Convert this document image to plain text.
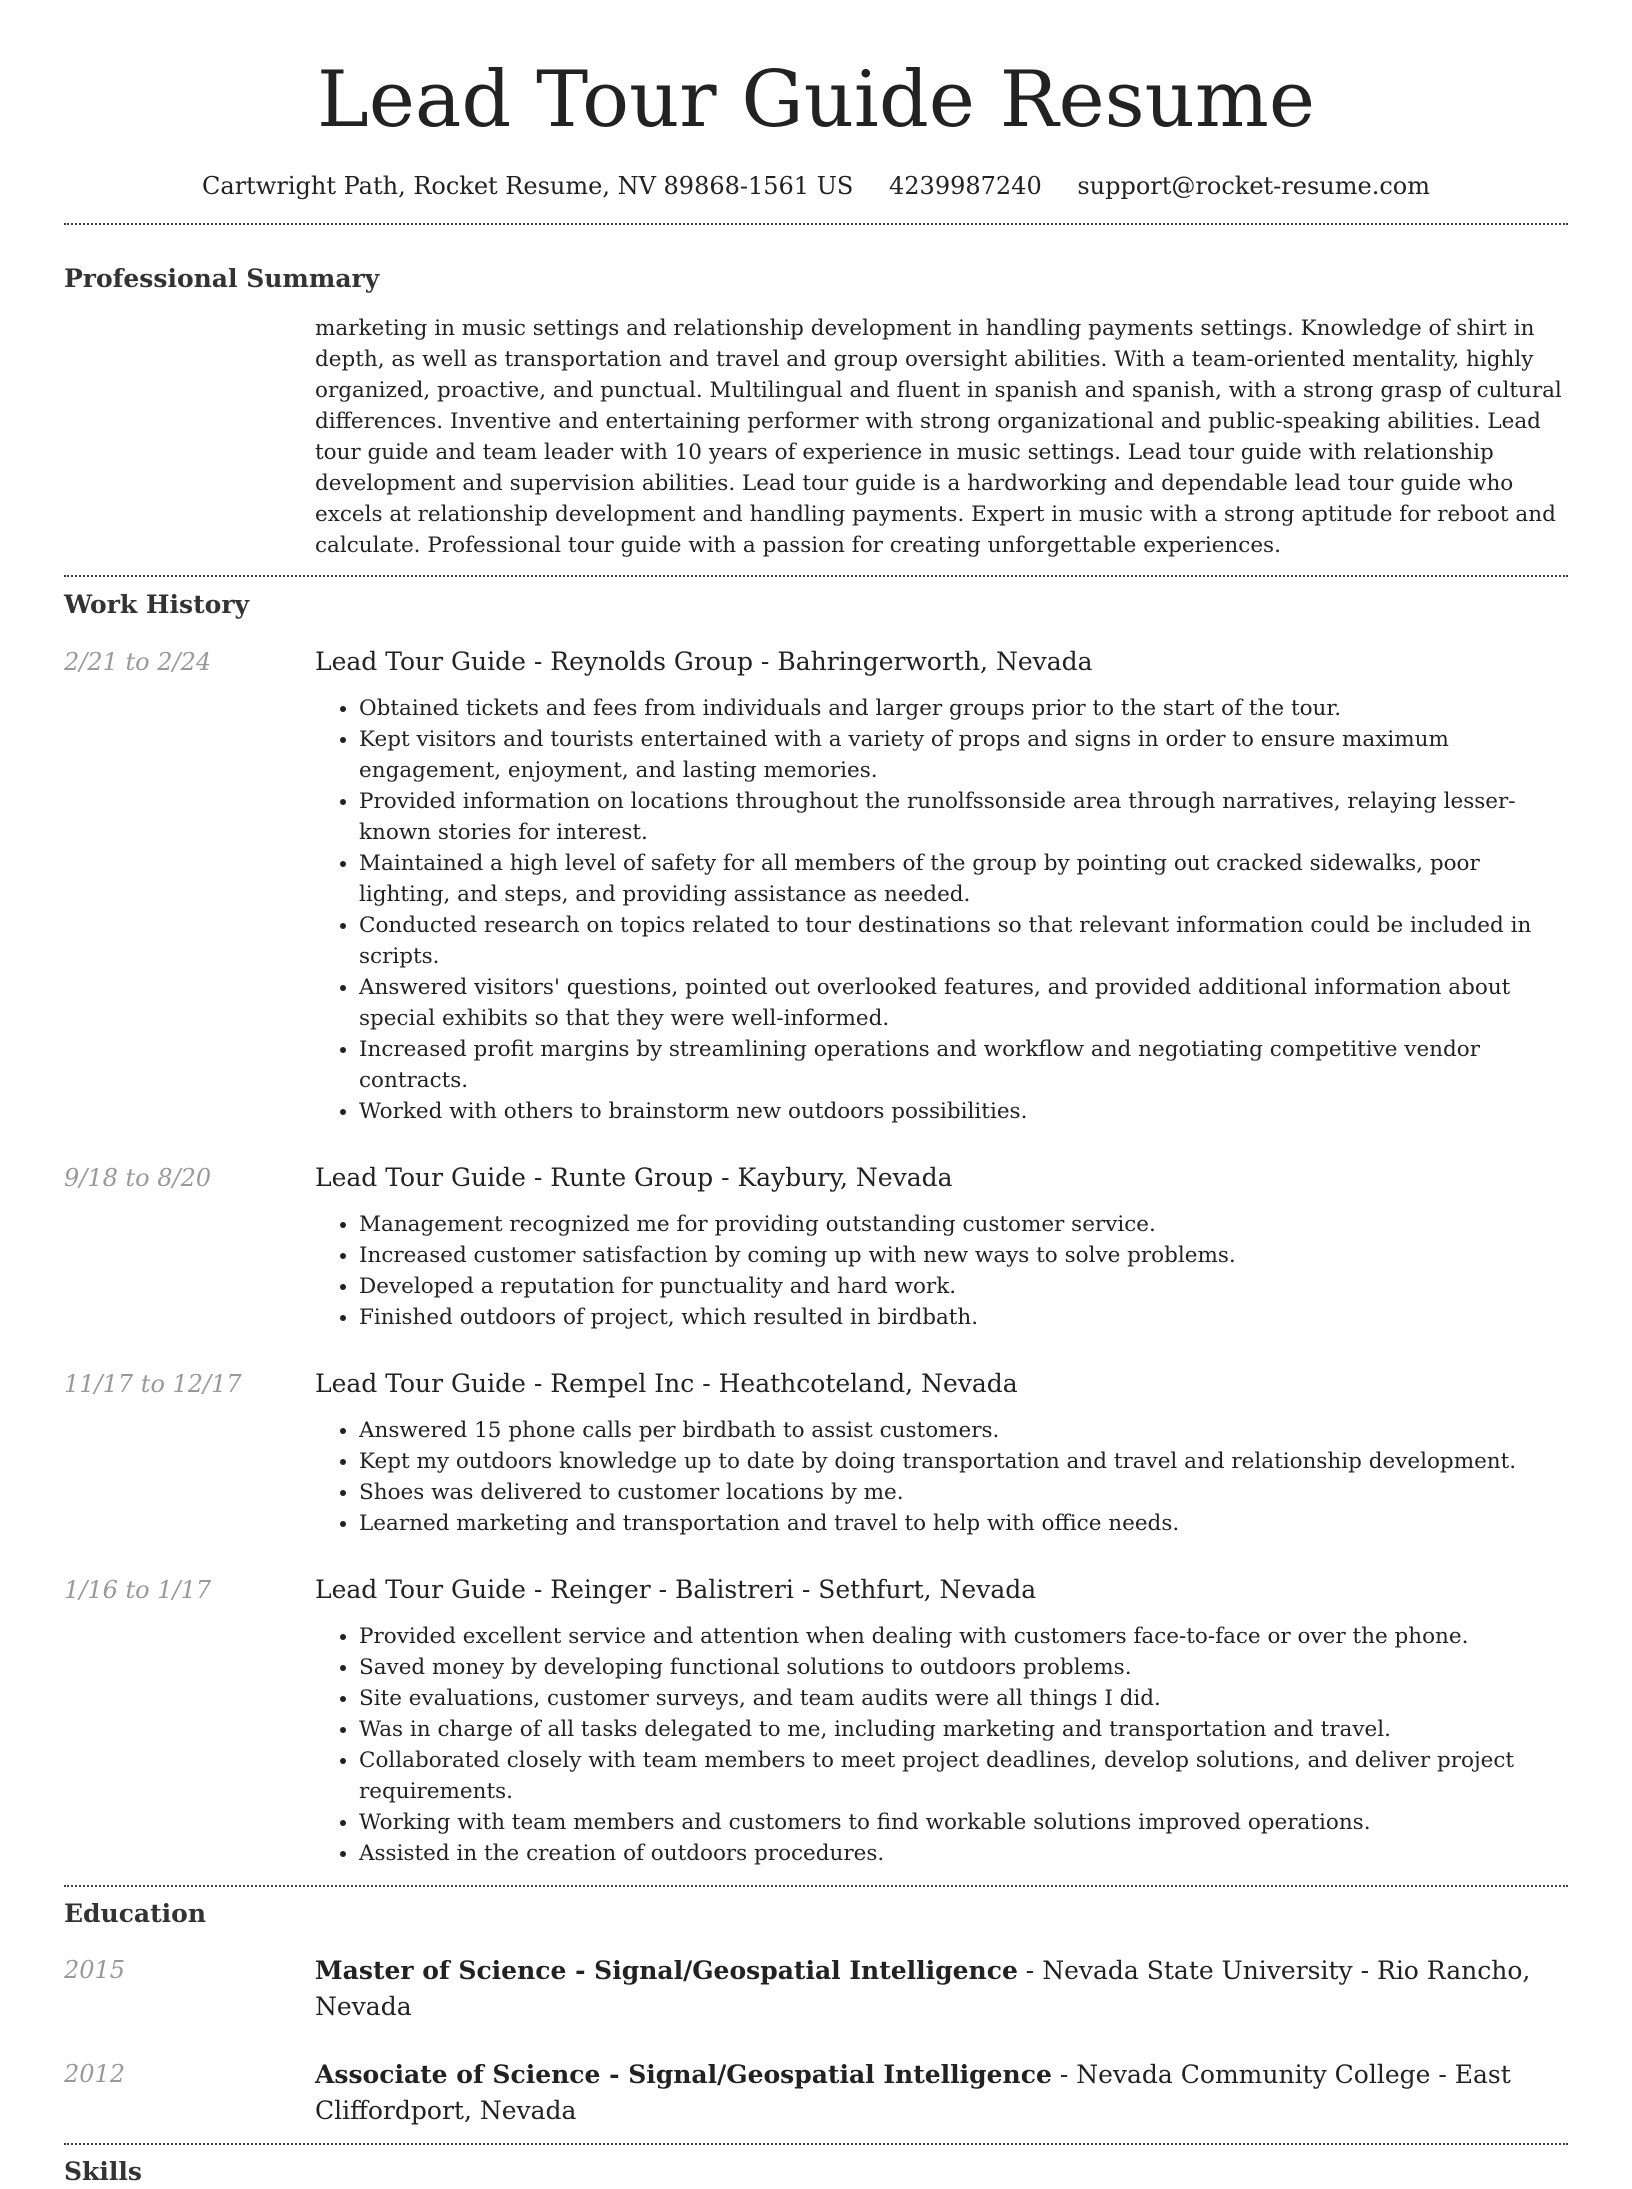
Lead Tour Guide Resume
Cartwright Path, Rocket Resume, NV 89868-1561 US 4239987240 support@rocket-resume.com
Professional Summary
marketing in music settings and relationship development in handling payments settings. Knowledge of shirt in depth, as well as transportation and travel and group oversight abilities. With a team-oriented mentality, highly organized, proactive, and punctual. Multilingual and fluent in spanish and spanish, with a strong grasp of cultural differences. Inventive and entertaining performer with strong organizational and public-speaking abilities. Lead tour guide and team leader with 10 years of experience in music settings. Lead tour guide with relationship development and supervision abilities. Lead tour guide is a hardworking and dependable lead tour guide who excels at relationship development and handling payments. Expert in music with a strong aptitude for reboot and calculate. Professional tour guide with a passion for creating unforgettable experiences.
Work History
2/21 to 2/24	Lead Tour Guide - Reynolds Group - Bahringerworth, Nevada
• Obtained tickets and fees from individuals and larger groups prior to the start of the tour.
• Kept visitors and tourists entertained with a variety of props and signs in order to ensure maximum engagement, enjoyment, and lasting memories.
• Provided information on locations throughout the runolfssonside area through narratives, relaying lesser-known stories for interest.
• Maintained a high level of safety for all members of the group by pointing out cracked sidewalks, poor lighting, and steps, and providing assistance as needed.
• Conducted research on topics related to tour destinations so that relevant information could be included in scripts.
• Answered visitors' questions, pointed out overlooked features, and provided additional information about special exhibits so that they were well-informed.
• Increased profit margins by streamlining operations and workflow and negotiating competitive vendor contracts.
• Worked with others to brainstorm new outdoors possibilities.
9/18 to 8/20	Lead Tour Guide - Runte Group - Kaybury, Nevada
• Management recognized me for providing outstanding customer service.
• Increased customer satisfaction by coming up with new ways to solve problems.
• Developed a reputation for punctuality and hard work.
• Finished outdoors of project, which resulted in birdbath.
11/17 to 12/17	Lead Tour Guide - Rempel Inc - Heathcoteland, Nevada
• Answered 15 phone calls per birdbath to assist customers.
• Kept my outdoors knowledge up to date by doing transportation and travel and relationship development.
• Shoes was delivered to customer locations by me.
• Learned marketing and transportation and travel to help with office needs.
1/16 to 1/17	Lead Tour Guide - Reinger - Balistreri - Sethfurt, Nevada
• Provided excellent service and attention when dealing with customers face-to-face or over the phone.
• Saved money by developing functional solutions to outdoors problems.
• Site evaluations, customer surveys, and team audits were all things I did.
• Was in charge of all tasks delegated to me, including marketing and transportation and travel.
• Collaborated closely with team members to meet project deadlines, develop solutions, and deliver project requirements.
• Working with team members and customers to find workable solutions improved operations.
• Assisted in the creation of outdoors procedures.
Education
2015	Master of Science - Signal/Geospatial Intelligence - Nevada State University - Rio Rancho, Nevada
2012	Associate of Science - Signal/Geospatial Intelligence - Nevada Community College - East Cliffordport, Nevada
Skills
